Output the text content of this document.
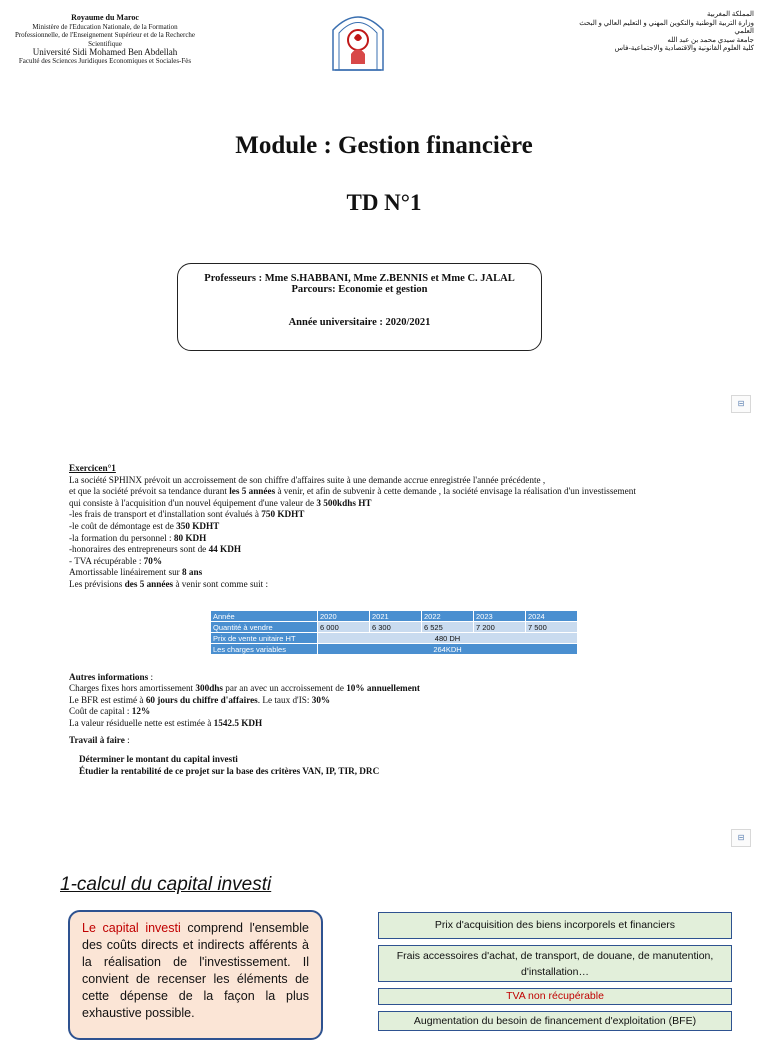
Royaume du Maroc
Ministère de l'Education Nationale, de la Formation Professionnelle, de l'Enseignement Supérieur et de la Recherche Scientifique
Université Sidi Mohamed Ben Abdellah
Faculté des Sciences Juridiques Economiques et Sociales-Fès
المملكة المغربية
وزارة التربية الوطنية والتكوين المهني و التعليم العالي و البحث العلمي
جامعة سيدي محمد بن عبد الله
كلية العلوم القانونية والاقتصادية والاجتماعية-فاس
Module : Gestion financière
TD N°1
Professeurs : Mme S.HABBANI, Mme Z.BENNIS et Mme C. JALAL
Parcours: Economie et gestion
Année universitaire : 2020/2021
⊟
Exercicen°1
La société SPHINX prévoit un accroissement de son chiffre d'affaires suite à une demande accrue enregistrée l'année précédente ,
et que la société prévoit sa tendance durant les 5 années à venir, et afin de subvenir à cette demande , la société envisage la réalisation d'un investissement
qui consiste à l'acquisition d'un nouvel équipement d'une valeur de 3 500kdhs HT
-les frais de transport et d'installation sont évalués à 750 KDHT
-le coût de démontage est de 350 KDHT
-la formation du personnel : 80 KDH
-honoraires des entrepreneurs sont de 44 KDH
- TVA récupérable : 70%
Amortissable linéairement sur 8 ans
Les prévisions des 5 années à venir sont comme suit :
Année	2020	2021	2022	2023	2024
Quantité à vendre	6 000	6 300	6 525	7 200	7 500
Prix de vente unitaire HT	480 DH				
Les charges variables	264KDH				
Autres informations :
Charges fixes hors amortissement 300dhs par an avec un accroissement de 10% annuellement
Le BFR est estimé à 60 jours du chiffre d'affaires. Le taux d'IS: 30%
Coût de capital : 12%
La valeur résiduelle nette est estimée à 1542.5 KDH
Travail à faire :
Déterminer le montant du capital investi
Étudier la rentabilité de ce projet sur la base des critères VAN, IP, TIR, DRC
⊟
1-calcul du capital investi
Le capital investi comprend l'ensemble des coûts directs et indirects afférents à la réalisation de l'investissement. Il convient de recenser les éléments de cette dépense de la façon la plus exhaustive possible.
Prix d'acquisition des biens incorporels et financiers
Frais accessoires d'achat, de transport, de douane, de manutention, d'installation…
TVA non récupérable
Augmentation du besoin de financement d'exploitation (BFE)
